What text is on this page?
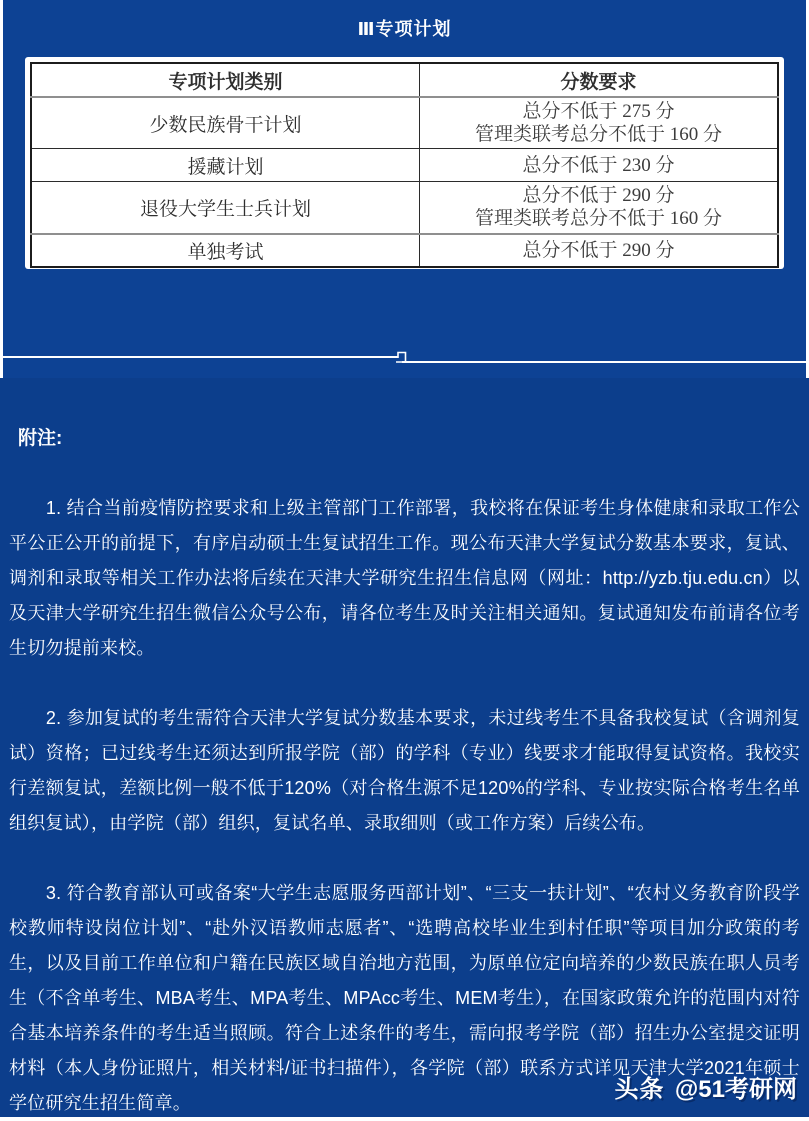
Ⅲ专项计划
专项计划类别	分数要求
少数民族骨干计划	总分不低于 275 分
管理类联考总分不低于 160 分

援藏计划	总分不低于 230 分

退役大学生士兵计划	总分不低于 290 分
管理类联考总分不低于 160 分

单独考试	总分不低于 290 分
附注:

1. 结合当前疫情防控要求和上级主管部门工作部署，我校将在保证考生身体健康和录取工作公平公正公开的前提下，有序启动硕士生复试招生工作。现公布天津大学复试分数基本要求，复试、调剂和录取等相关工作办法将后续在天津大学研究生招生信息网（网址：http://yzb.tju.edu.cn）以及天津大学研究生招生微信公众号公布，请各位考生及时关注相关通知。复试通知发布前请各位考生切勿提前来校。

2. 参加复试的考生需符合天津大学复试分数基本要求，未过线考生不具备我校复试（含调剂复试）资格；已过线考生还须达到所报学院（部）的学科（专业）线要求才能取得复试资格。我校实行差额复试，差额比例一般不低于120%（对合格生源不足120%的学科、专业按实际合格考生名单组织复试），由学院（部）组织，复试名单、录取细则（或工作方案）后续公布。

3. 符合教育部认可或备案“大学生志愿服务西部计划”、“三支一扶计划”、“农村义务教育阶段学校教师特设岗位计划”、“赴外汉语教师志愿者”、“选聘高校毕业生到村任职”等项目加分政策的考生，以及目前工作单位和户籍在民族区域自治地方范围，为原单位定向培养的少数民族在职人员考生（不含单考生、MBA考生、MPA考生、MPAcc考生、MEM考生），在国家政策允许的范围内对符合基本培养条件的考生适当照顾。符合上述条件的考生，需向报考学院（部）招生办公室提交证明材料（本人身份证照片，相关材料/证书扫描件），各学院（部）联系方式详见天津大学2021年硕士学位研究生招生简章。	头条 @51考研网
